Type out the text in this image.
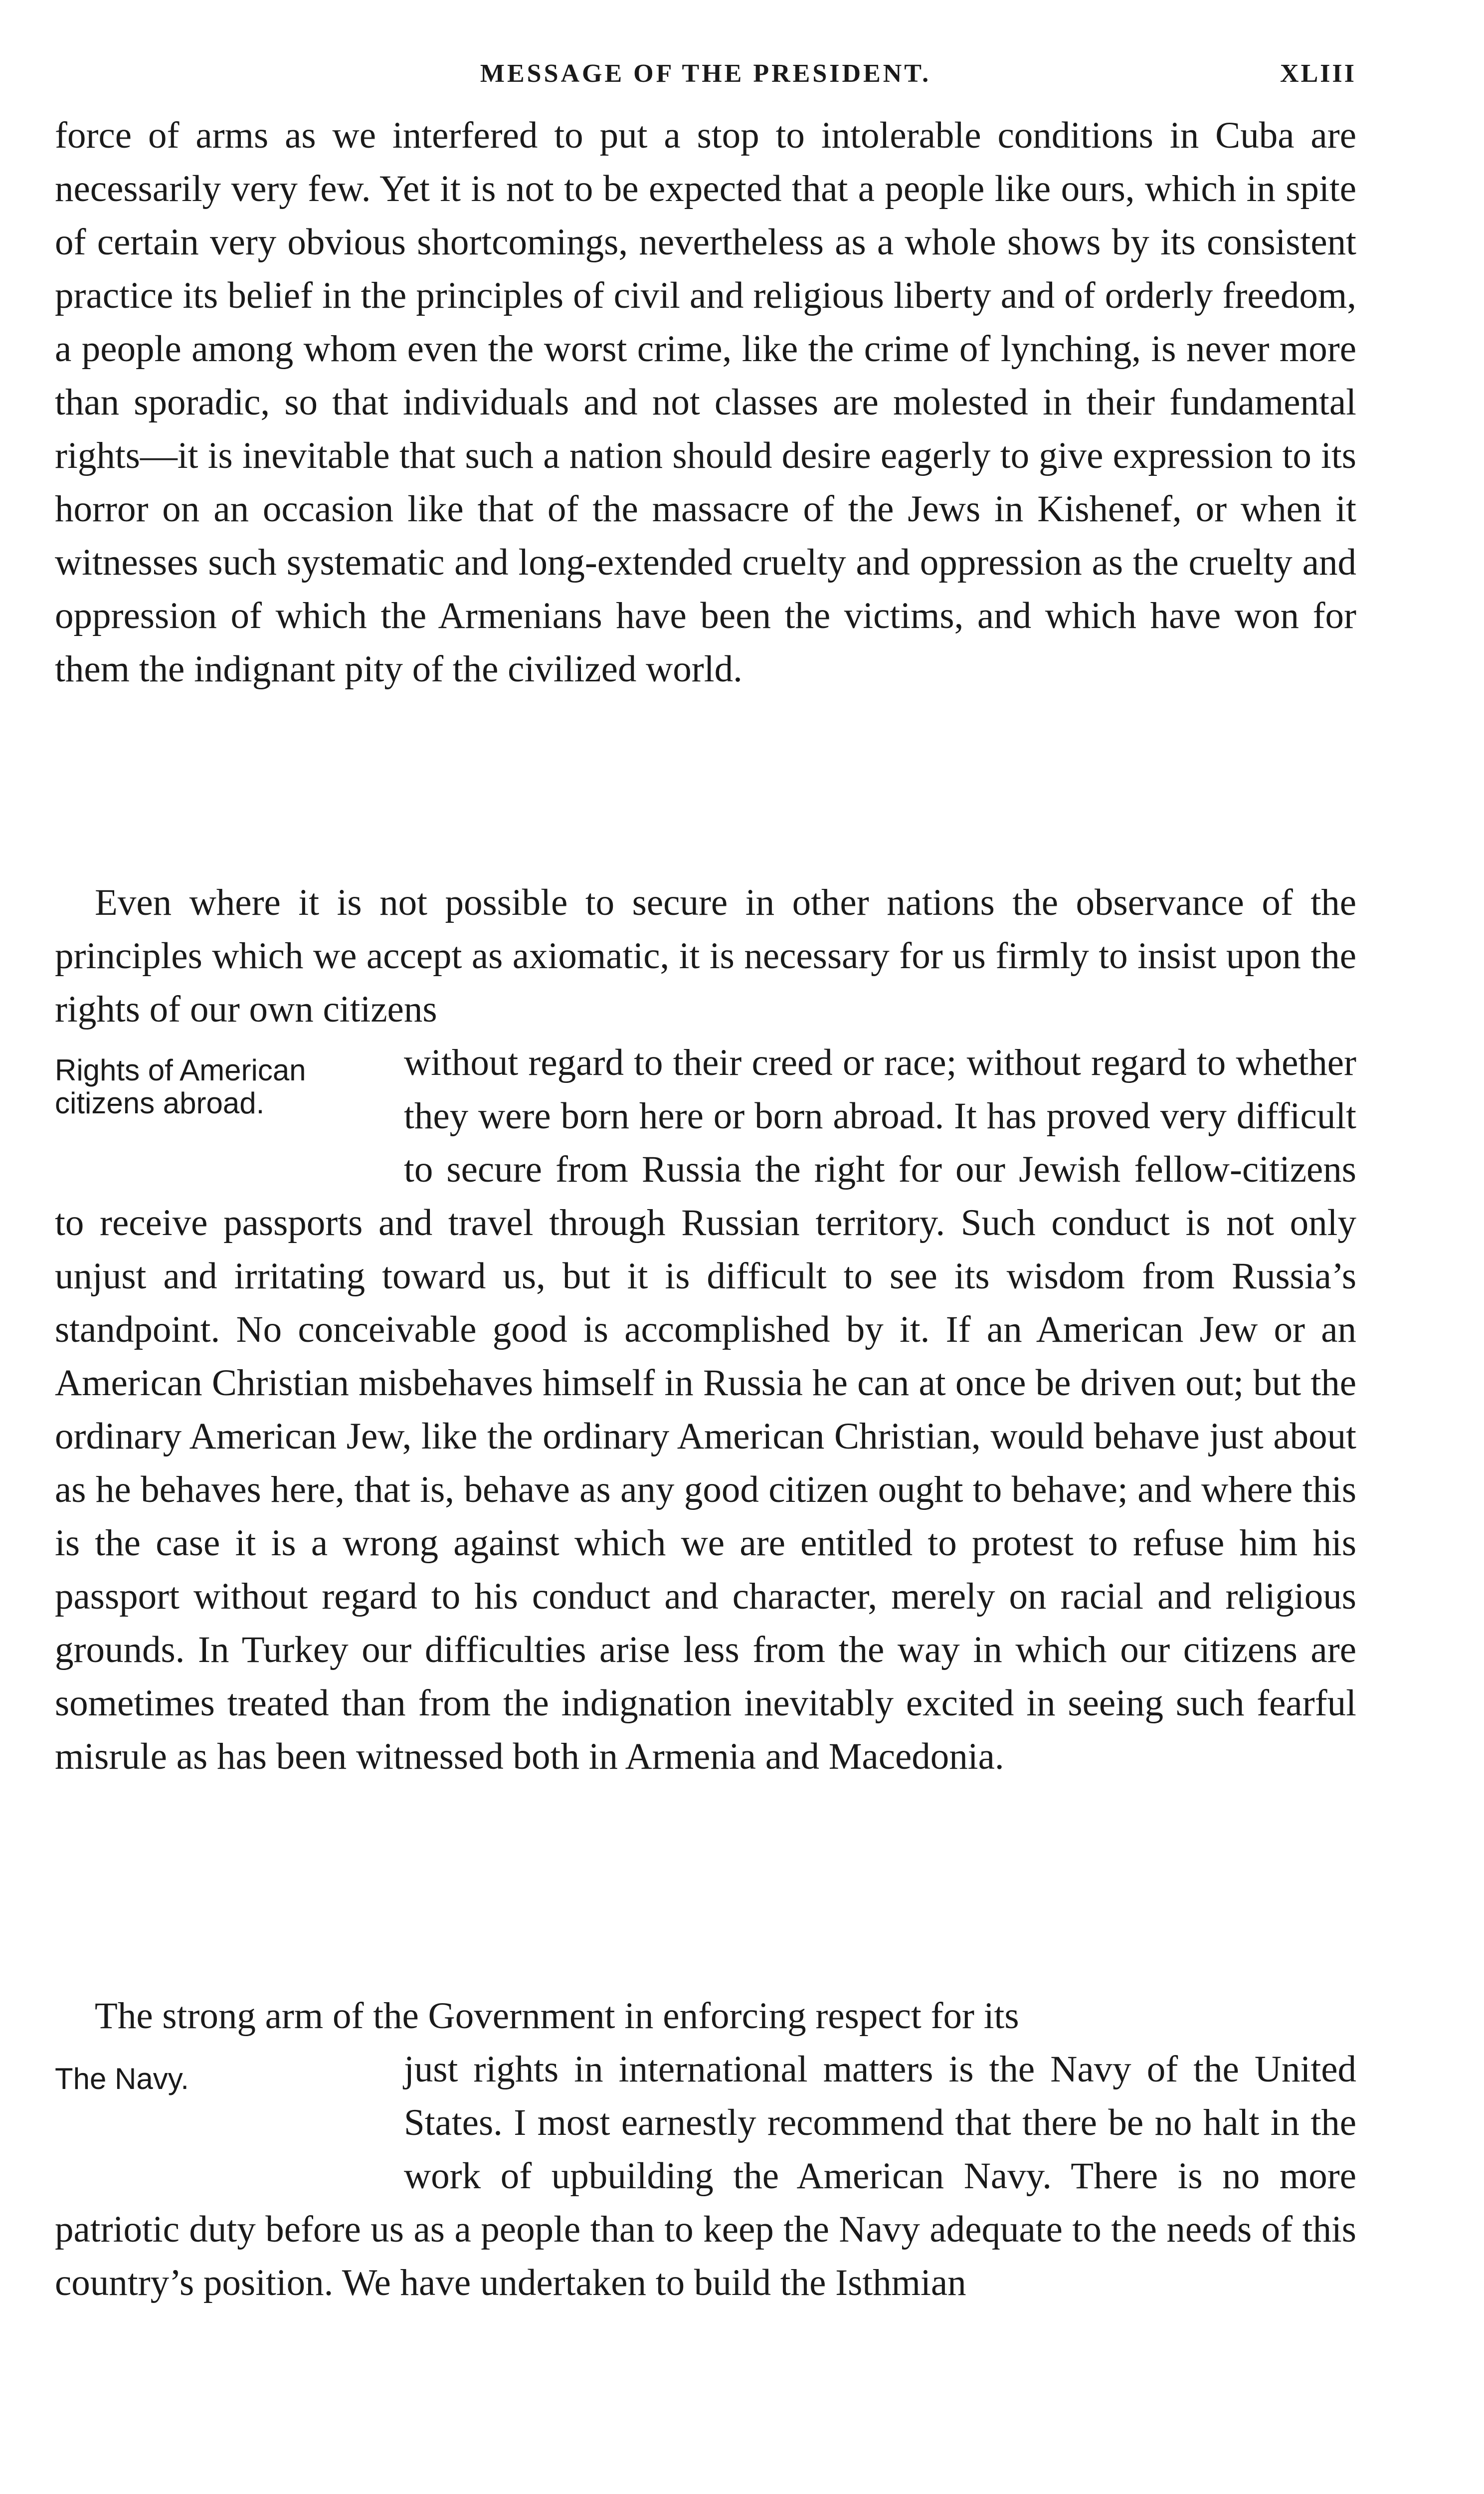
MESSAGE OF THE PRESIDENT.	XLIII

force of arms as we interfered to put a stop to intolerable conditions in Cuba are necessarily very few. Yet it is not to be expected that a people like ours, which in spite of certain very obvious shortcomings, nevertheless as a whole shows by its consistent practice its belief in the principles of civil and religious liberty and of orderly freedom, a people among whom even the worst crime, like the crime of lynching, is never more than sporadic, so that individuals and not classes are molested in their fundamental rights—it is inevitable that such a nation should desire eagerly to give expression to its horror on an occasion like that of the massacre of the Jews in Kishenef, or when it witnesses such systematic and long-extended cruelty and oppression as the cruelty and oppression of which the Armenians have been the victims, and which have won for them the indignant pity of the civilized world.

Even where it is not possible to secure in other nations the observance of the principles which we accept as axiomatic, it is necessary for us firmly to insist upon the rights of our own citizens

Rights of American citizens abroad.

without regard to their creed or race; without regard to whether they were born here or born abroad. It has proved very difficult to secure from Russia the right for our Jewish fellow-citizens to receive passports and travel through Russian territory. Such conduct is not only unjust and irritating toward us, but it is difficult to see its wisdom from Russia’s standpoint. No conceivable good is accomplished by it. If an American Jew or an American Christian misbehaves himself in Russia he can at once be driven out; but the ordinary American Jew, like the ordinary American Christian, would behave just about as he behaves here, that is, behave as any good citizen ought to behave; and where this is the case it is a wrong against which we are entitled to protest to refuse him his passport without regard to his conduct and character, merely on racial and religious grounds. In Turkey our difficulties arise less from the way in which our citizens are sometimes treated than from the indignation inevitably excited in seeing such fearful misrule as has been witnessed both in Armenia and Macedonia.

The strong arm of the Government in enforcing respect for its

The Navy.	just rights in international matters is the Navy of the United States. I most earnestly recommend that there be no halt in the work of upbuilding the American Navy. There is no more patriotic duty before us as a people than to keep the Navy adequate to the needs of this country’s position. We have undertaken to build the Isthmian
